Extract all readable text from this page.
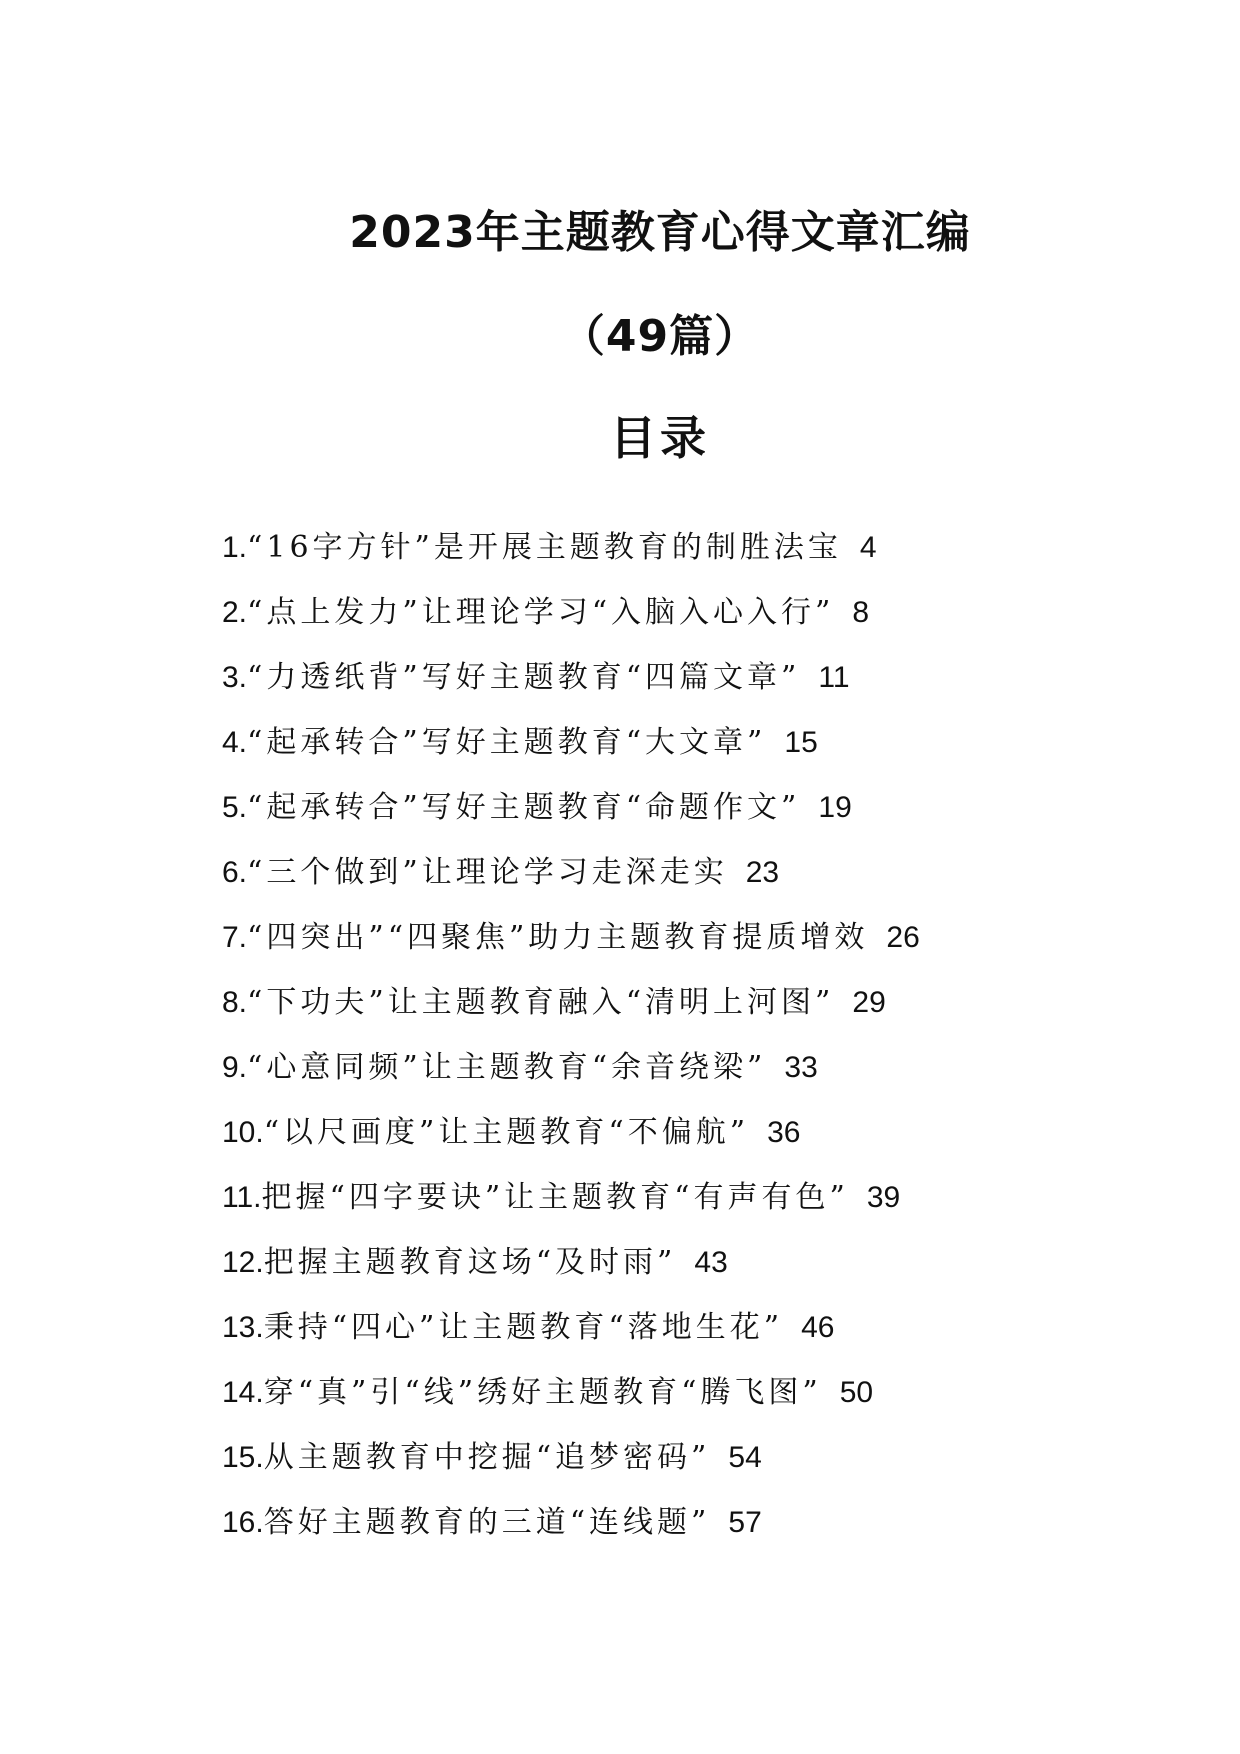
2023年主题教育心得文章汇编
（49篇）
目录
1.“16字方针”是开展主题教育的制胜法宝 4
2.“点上发力”让理论学习“入脑入心入行” 8
3.“力透纸背”写好主题教育“四篇文章” 11
4.“起承转合”写好主题教育“大文章” 15
5.“起承转合”写好主题教育“命题作文” 19
6.“三个做到”让理论学习走深走实 23
7.“四突出”“四聚焦”助力主题教育提质增效 26
8.“下功夫”让主题教育融入“清明上河图” 29
9.“心意同频”让主题教育“余音绕梁” 33
10.“以尺画度”让主题教育“不偏航” 36
11.把握“四字要诀”让主题教育“有声有色” 39
12.把握主题教育这场“及时雨” 43
13.秉持“四心”让主题教育“落地生花” 46
14.穿“真”引“线”绣好主题教育“腾飞图” 50
15.从主题教育中挖掘“追梦密码” 54
16.答好主题教育的三道“连线题” 57
